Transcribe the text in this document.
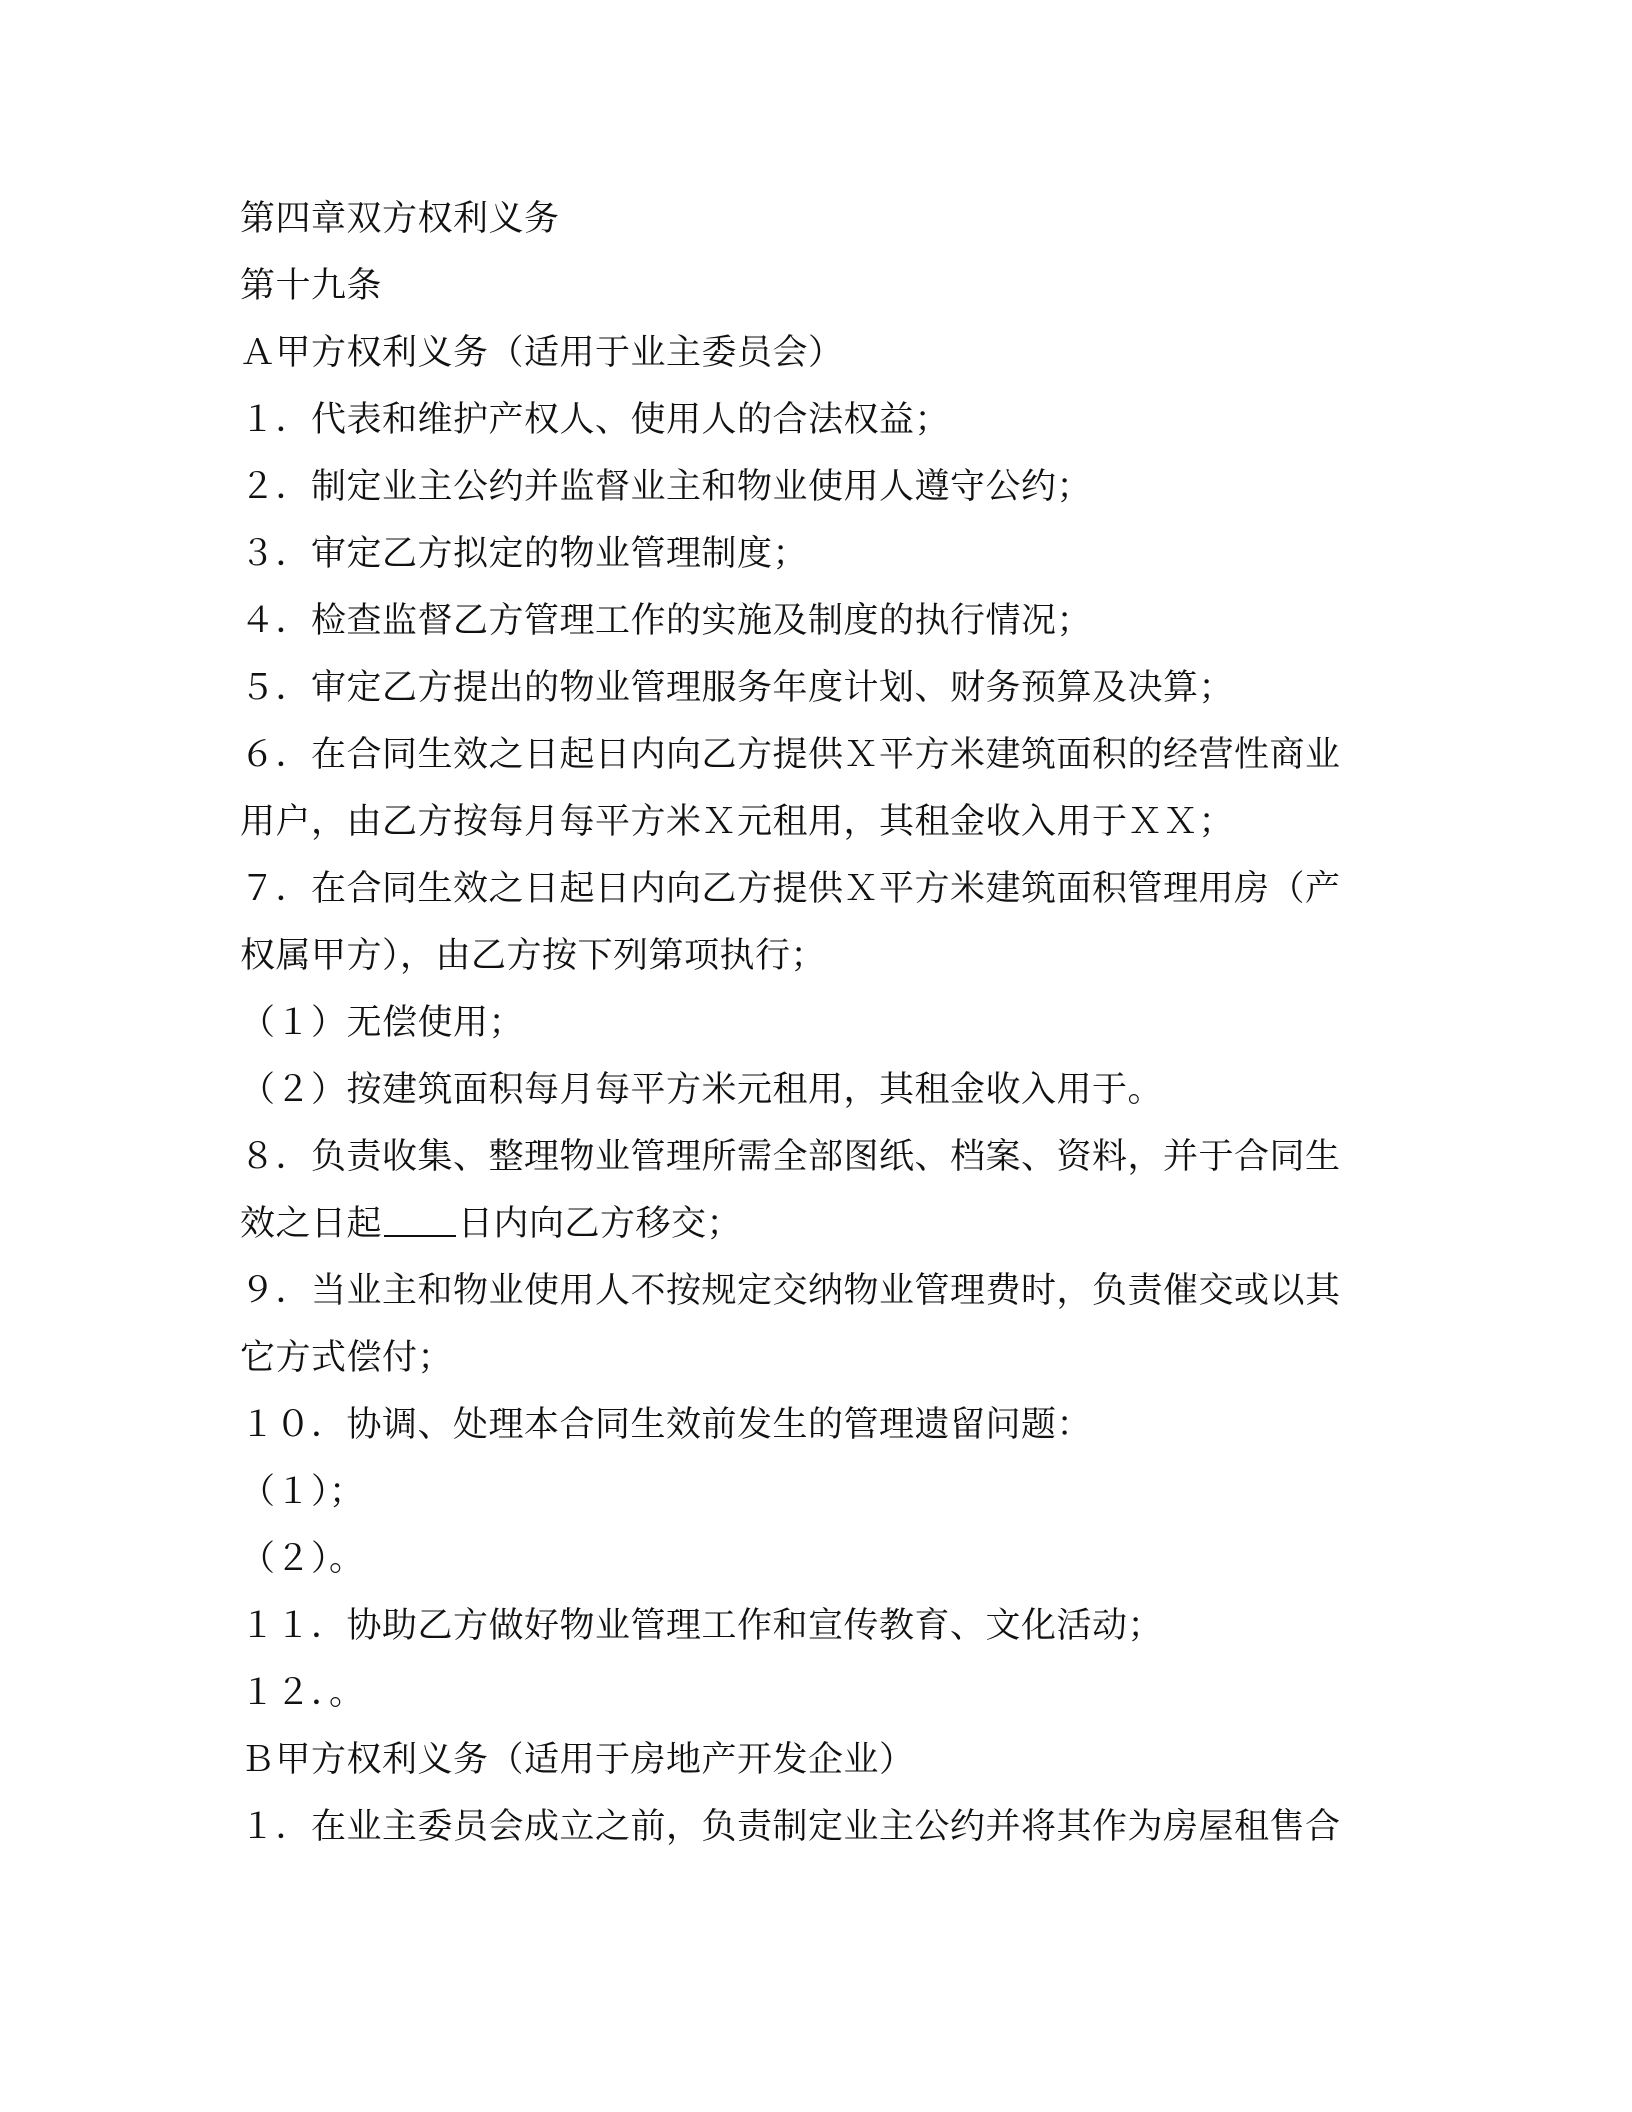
第四章双方权利义务
第十九条
Ａ甲方权利义务（适用于业主委员会）
１．代表和维护产权人、使用人的合法权益；
２．制定业主公约并监督业主和物业使用人遵守公约；
３．审定乙方拟定的物业管理制度；
４．检查监督乙方管理工作的实施及制度的执行情况；
５．审定乙方提出的物业管理服务年度计划、财务预算及决算；
６．在合同生效之日起日内向乙方提供Ｘ平方米建筑面积的经营性商业
用户，由乙方按每月每平方米Ｘ元租用，其租金收入用于ＸＸ；
７．在合同生效之日起日内向乙方提供Ｘ平方米建筑面积管理用房（产
权属甲方），由乙方按下列第项执行；
（１）无偿使用；
（２）按建筑面积每月每平方米元租用，其租金收入用于。
８．负责收集、整理物业管理所需全部图纸、档案、资料，并于合同生
效之日起 日内向乙方移交；
９．当业主和物业使用人不按规定交纳物业管理费时，负责催交或以其
它方式偿付；
１０．协调、处理本合同生效前发生的管理遗留问题：
（１）；
（２）。
１１．协助乙方做好物业管理工作和宣传教育、文化活动；
１２．。
Ｂ甲方权利义务（适用于房地产开发企业）
１．在业主委员会成立之前，负责制定业主公约并将其作为房屋租售合
